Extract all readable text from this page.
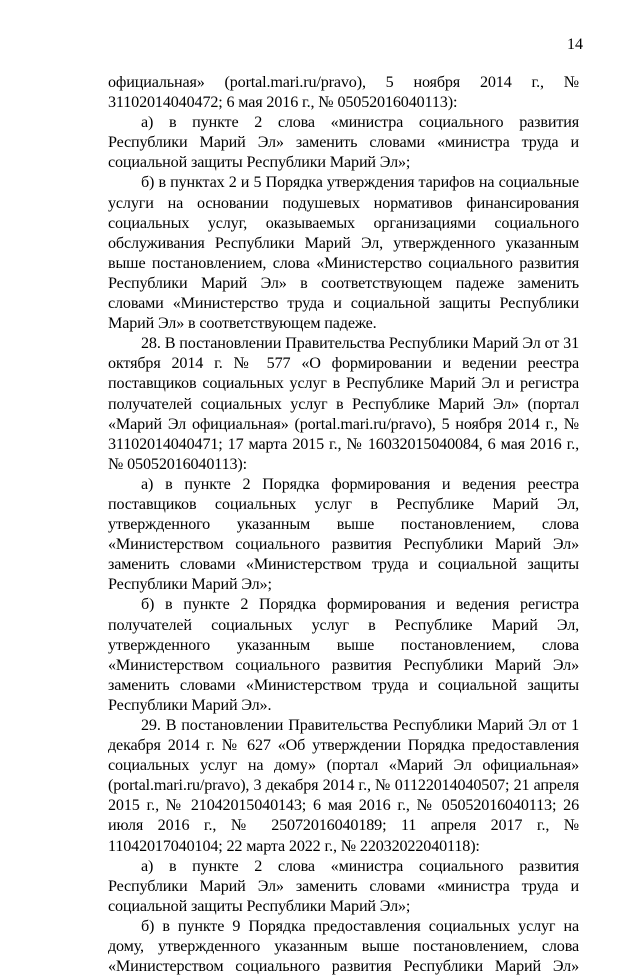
14

официальная» (portal.mari.ru/pravo), 5 ноября 2014 г., № 31102014040472; 6 мая 2016 г., № 05052016040113):

а) в пункте 2 слова «министра социального развития Республики Марий Эл» заменить словами «министра труда и социальной защиты Республики Марий Эл»;

б) в пунктах 2 и 5 Порядка утверждения тарифов на социальные услуги на основании подушевых нормативов финансирования социальных услуг, оказываемых организациями социального обслуживания Республики Марий Эл, утвержденного указанным выше постановлением, слова «Министерство социального развития Республики Марий Эл» в соответствующем падеже заменить словами «Министерство труда и социальной защиты Республики Марий Эл» в соответствующем падеже.

28. В постановлении Правительства Республики Марий Эл от 31 октября 2014 г. № 577 «О формировании и ведении реестра поставщиков социальных услуг в Республике Марий Эл и регистра получателей социальных услуг в Республике Марий Эл» (портал «Марий Эл официальная» (portal.mari.ru/pravo), 5 ноября 2014 г., № 31102014040471; 17 марта 2015 г., № 16032015040084, 6 мая 2016 г., № 05052016040113):

а) в пункте 2 Порядка формирования и ведения реестра поставщиков социальных услуг в Республике Марий Эл, утвержденного указанным выше постановлением, слова «Министерством социального развития Республики Марий Эл» заменить словами «Министерством труда и социальной защиты Республики Марий Эл»;

б) в пункте 2 Порядка формирования и ведения регистра получателей социальных услуг в Республике Марий Эл, утвержденного указанным выше постановлением, слова «Министерством социального развития Республики Марий Эл» заменить словами «Министерством труда и социальной защиты Республики Марий Эл».

29. В постановлении Правительства Республики Марий Эл от 1 декабря 2014 г. № 627 «Об утверждении Порядка предоставления социальных услуг на дому» (портал «Марий Эл официальная» (portal.mari.ru/pravo), 3 декабря 2014 г., № 01122014040507; 21 апреля 2015 г., № 21042015040143; 6 мая 2016 г., № 05052016040113; 26 июля 2016 г., № 25072016040189; 11 апреля 2017 г., № 11042017040104; 22 марта 2022 г., № 22032022040118):

а) в пункте 2 слова «министра социального развития Республики Марий Эл» заменить словами «министра труда и социальной защиты Республики Марий Эл»;

б) в пункте 9 Порядка предоставления социальных услуг на дому, утвержденного указанным выше постановлением, слова «Министерством социального развития Республики Марий Эл»
